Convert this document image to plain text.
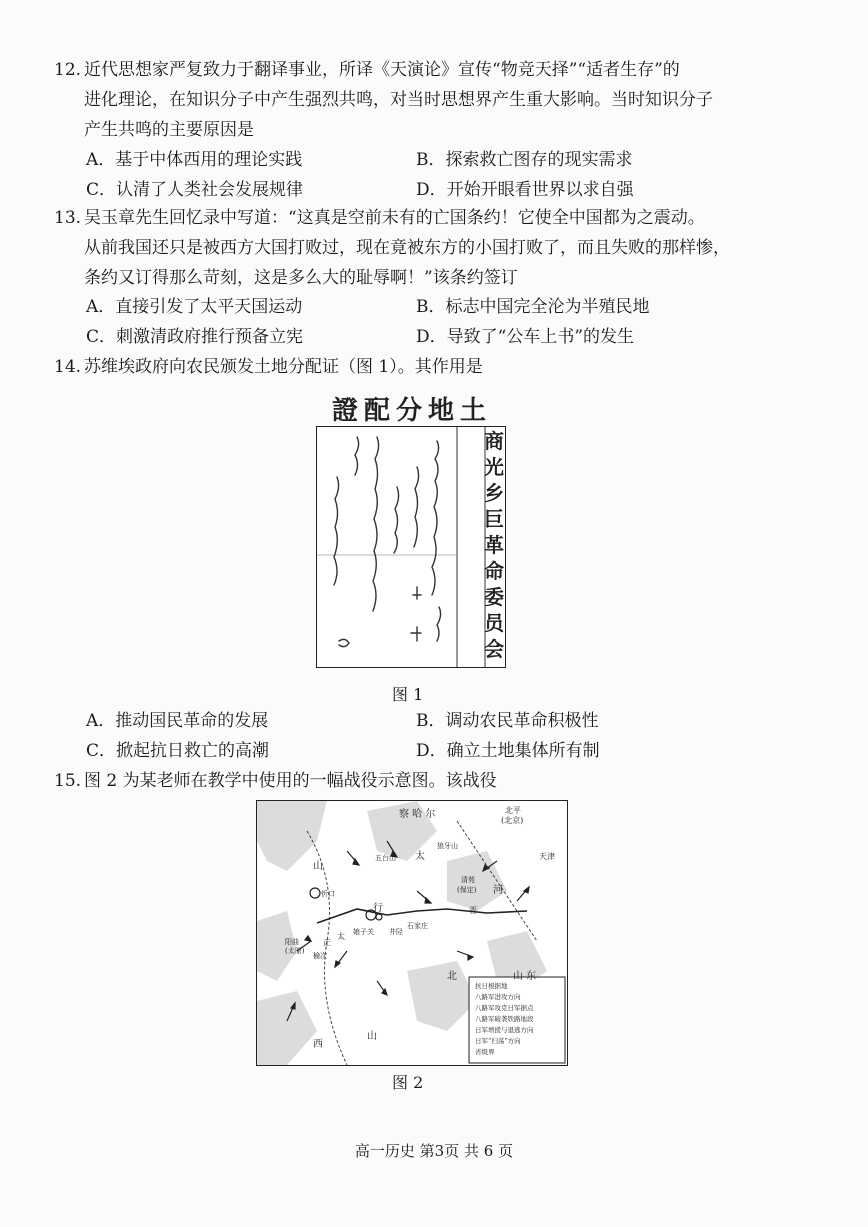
12. 近代思想家严复致力于翻译事业，所译《天演论》宣传“物竞天择”“适者生存”的
进化理论，在知识分子中产生强烈共鸣，对当时思想界产生重大影响。当时知识分子
产生共鸣的主要原因是
A．基于中体西用的理论实践	B．探索救亡图存的现实需求
C．认清了人类社会发展规律	D．开始开眼看世界以求自强
13. 吴玉章先生回忆录中写道：“这真是空前未有的亡国条约！它使全中国都为之震动。
从前我国还只是被西方大国打败过，现在竟被东方的小国打败了，而且失败的那样惨，
条约又订得那么苛刻，这是多么大的耻辱啊！”该条约签订
A．直接引发了太平天国运动	B．标志中国完全沦为半殖民地
C．刺激清政府推行预备立宪	D．导致了“公车上书”的发生
14. 苏维埃政府向农民颁发土地分配证（图 1）。其作用是
證配分地土
商光乡巨革命委员会
图 1
A．推动国民革命的发展	B．调动农民革命积极性
C．掀起抗日救亡的高潮	D．确立土地集体所有制
15. 图 2 为某老师在教学中使用的一幅战役示意图。该战役
察 哈 尔	北平
(北京)
天津
狼牙山
五台山
清苑
(保定)
忻口
阳曲
(太原)
榆次
娘子关 井陉
石家庄
山
太
行
河
北
西
山
山 东
正
太
晋
抗日根据地
八路军进攻方向
八路军攻克日军据点
八路军破袭铁路地段
日军增援与退逃方向
日军“扫荡”方向
省级界
图 2
高一历史 第3页 共 6 页
